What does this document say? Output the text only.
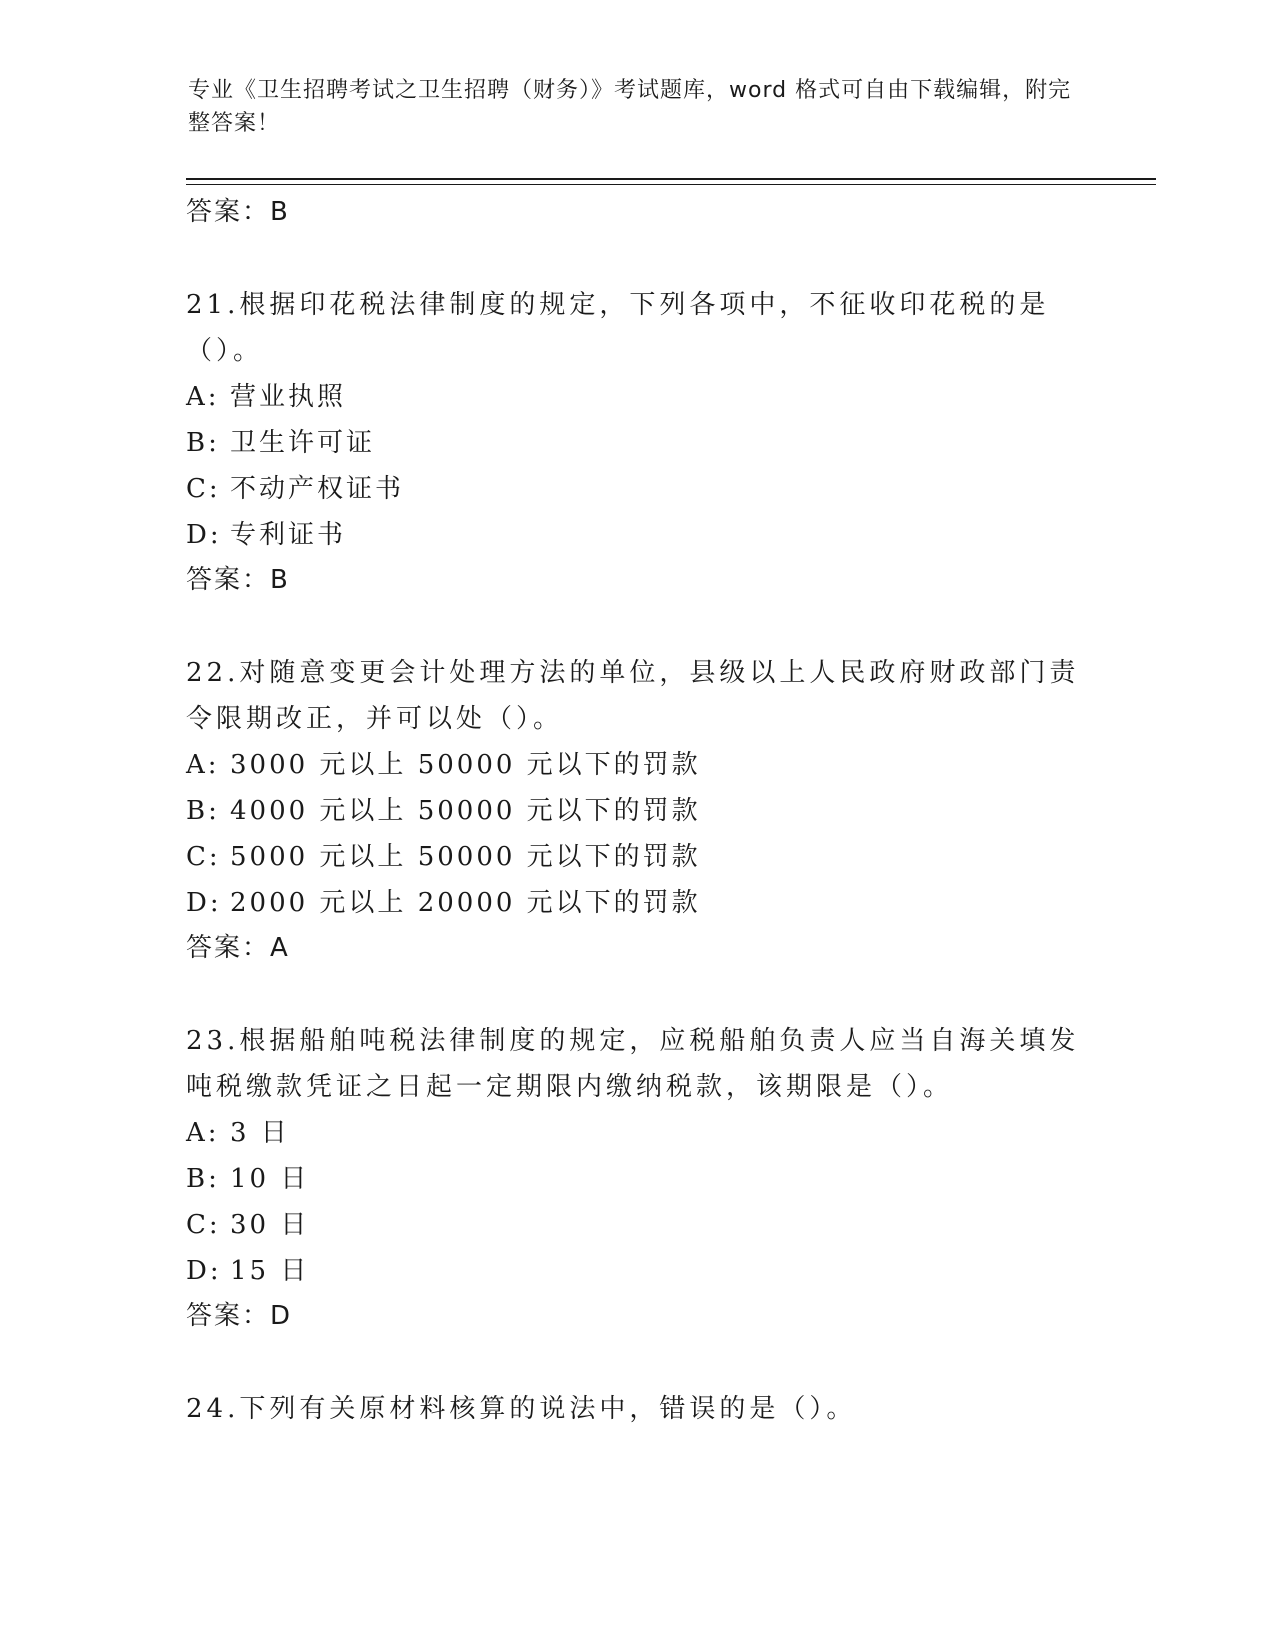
专业《卫生招聘考试之卫生招聘（财务）》考试题库，word 格式可自由下载编辑，附完整答案！
答案：B
21.根据印花税法律制度的规定，下列各项中，不征收印花税的是（）。
A: 营业执照
B: 卫生许可证
C: 不动产权证书
D: 专利证书
答案：B
22.对随意变更会计处理方法的单位，县级以上人民政府财政部门责令限期改正，并可以处（）。
A: 3000 元以上 50000 元以下的罚款
B: 4000 元以上 50000 元以下的罚款
C: 5000 元以上 50000 元以下的罚款
D: 2000 元以上 20000 元以下的罚款
答案：A
23.根据船舶吨税法律制度的规定，应税船舶负责人应当自海关填发吨税缴款凭证之日起一定期限内缴纳税款，该期限是（）。
A: 3 日
B: 10 日
C: 30 日
D: 15 日
答案：D
24.下列有关原材料核算的说法中，错误的是（）。
